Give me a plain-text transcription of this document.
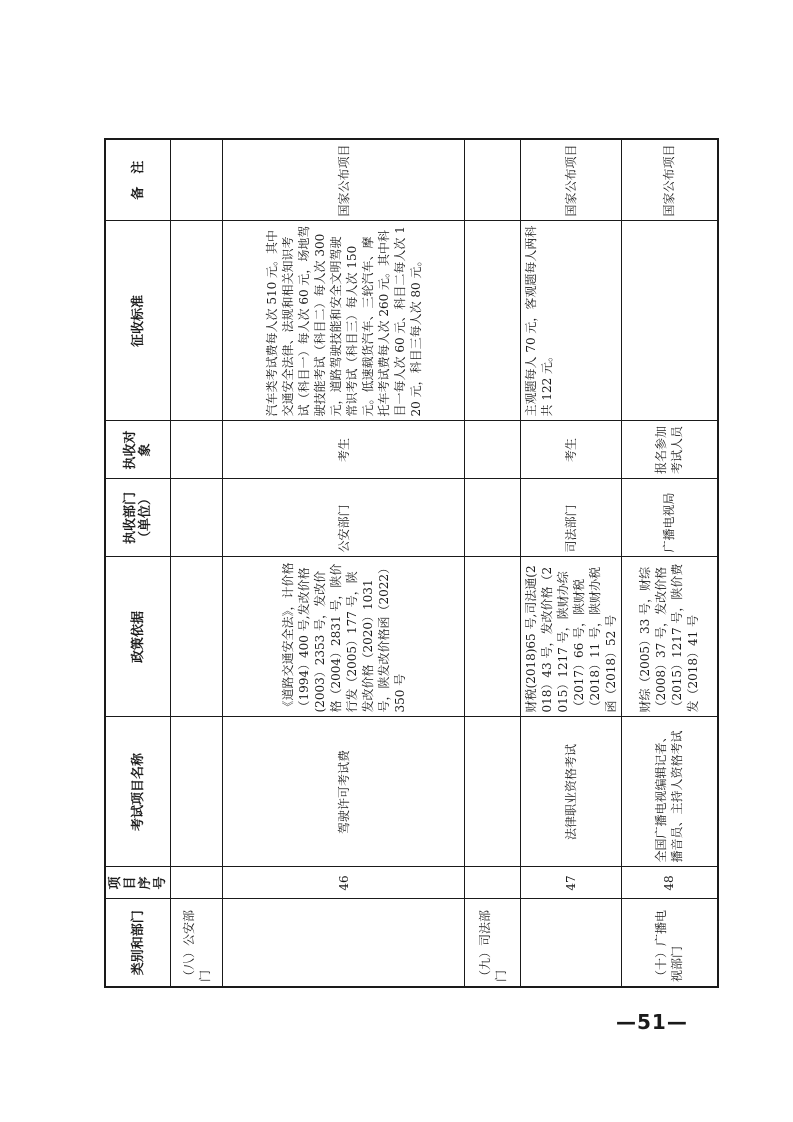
类别和部门	项目序号	考试项目名称	政策依据	执收部门（单位）	执收对象	征收标准	备　注
（八）公安部门							
	46	驾驶许可考试费	《道路交通安全法》，计价格（1994）400 号,发改价格(2003）2353 号，发改价格（2004）2831 号，陕价行发（2005）177 号，陕发改价格（2020）1031 号，陕发改价格函（2022）350 号	公安部门	考生	汽车类考试费每人次 510 元。其中交通安全法律、法规和相关知识考试（科目一）每人次 60 元，场地驾驶技能考试（科目二）每人次 300 元，道路驾驶技能和安全文明驾驶常识考试（科目三）每人次 150 元。低速载货汽车、三轮汽车、摩托车考试费每人次 260 元。其中科目一每人次 60 元、科目二每人次 120 元，科目三每人次 80 元。	国家公布项目
（九）司法部门							
	47	法律职业资格考试	财税(2018)65 号,司法通(2018）43 号，发改价格（2015）1217 号，陕财办综（2017）66 号，陕财税（2018）11 号，陕财办税函（2018）52 号	司法部门	考生	主观题每人 70 元，客观题每人两科共 122 元。	国家公布项目
（十）广播电视部门	48	全国广播电视编辑记者、播音员、主持人资格考试	财综（2005）33 号，财综（2008）37 号，发改价格（2015）1217 号，陕价费发（2018）41 号	广播电视局	报名参加考试人员		国家公布项目
—51—
